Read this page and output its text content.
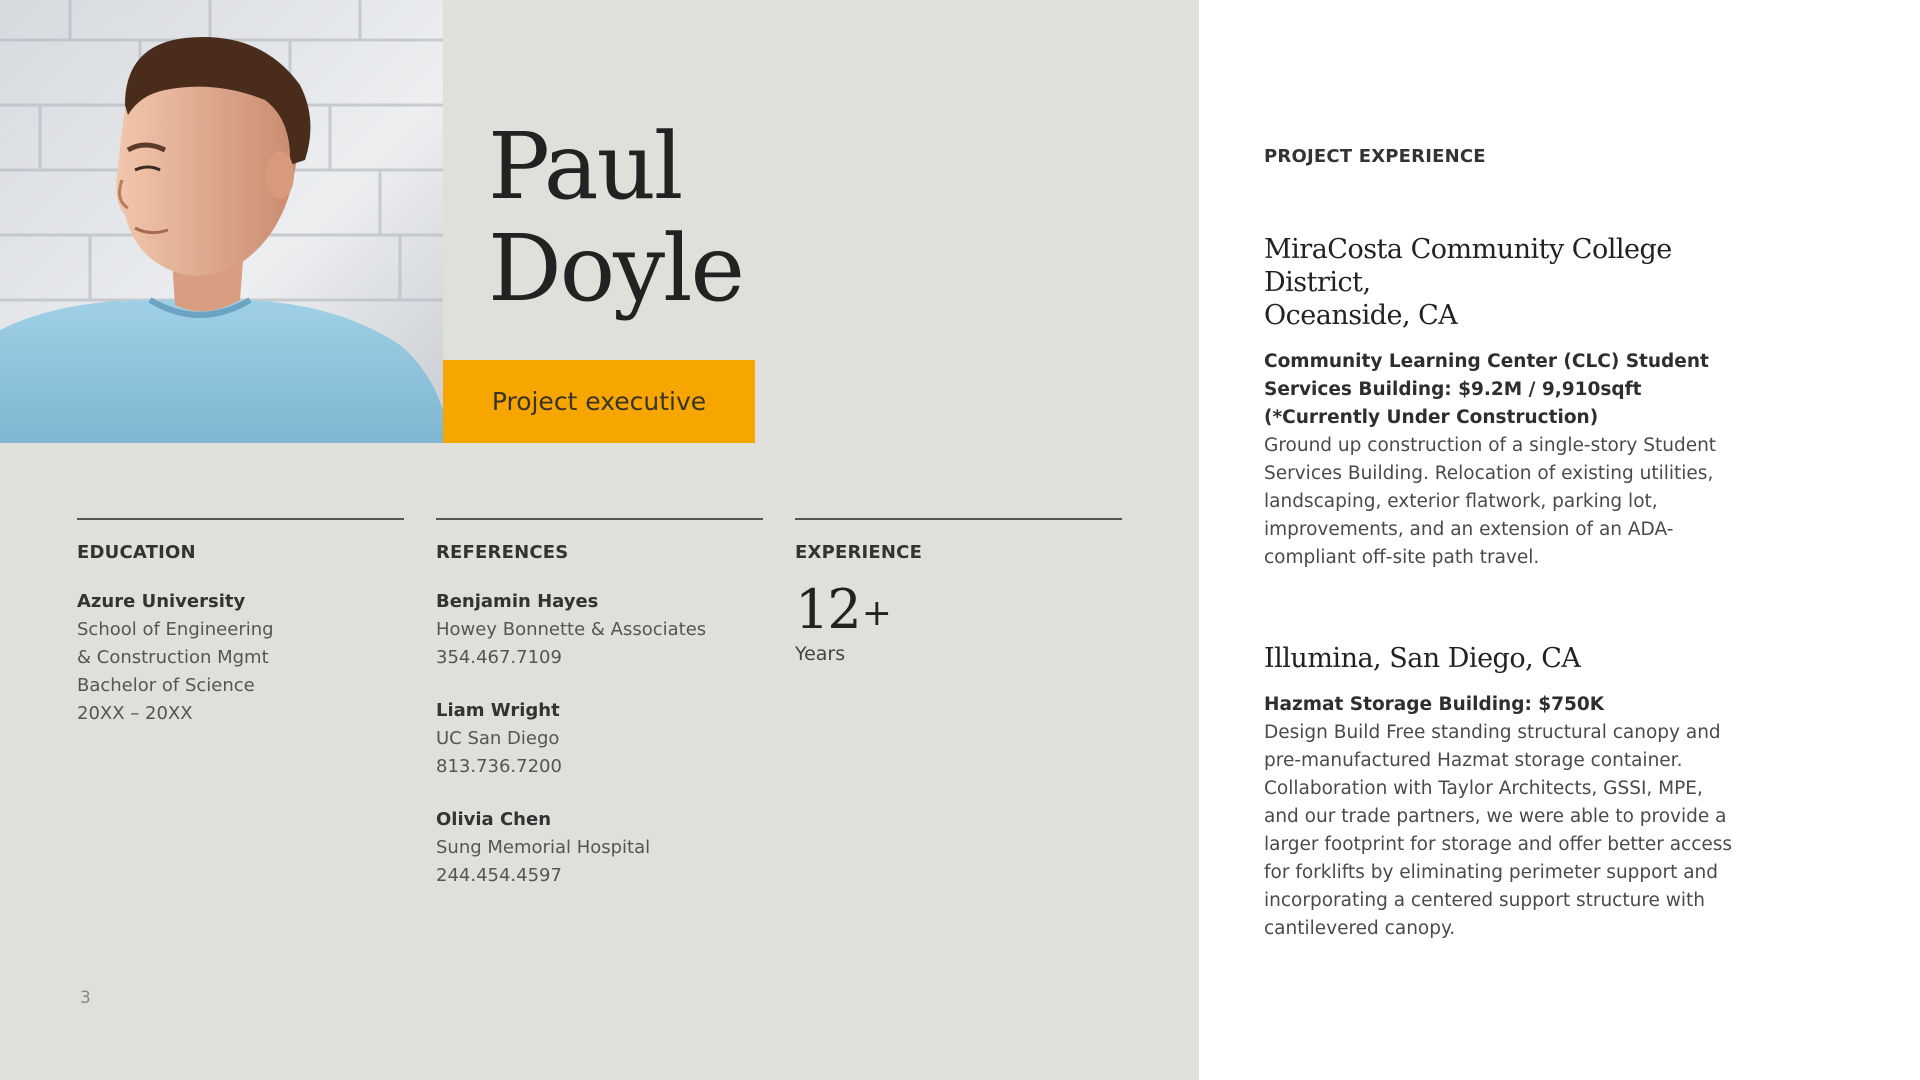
Paul
Doyle
Project executive
EDUCATION
Azure University
School of Engineering
& Construction Mgmt
Bachelor of Science
20XX – 20XX
REFERENCES
Benjamin Hayes
Howey Bonnette & Associates
354.467.7109
Liam Wright
UC San Diego
813.736.7200
Olivia Chen
Sung Memorial Hospital
244.454.4597
EXPERIENCE
12+
Years
3
PROJECT EXPERIENCE
MiraCosta Community College District,
Oceanside, CA
Community Learning Center (CLC) Student
Services Building: $9.2M / 9,910sqft
(*Currently Under Construction)
Ground up construction of a single-story Student
Services Building. Relocation of existing utilities,
landscaping, exterior flatwork, parking lot,
improvements, and an extension of an ADA-
compliant off-site path travel.
Illumina, San Diego, CA
Hazmat Storage Building: $750K
Design Build Free standing structural canopy and
pre-manufactured Hazmat storage container.
Collaboration with Taylor Architects, GSSI, MPE,
and our trade partners, we were able to provide a
larger footprint for storage and offer better access
for forklifts by eliminating perimeter support and
incorporating a centered support structure with
cantilevered canopy.
